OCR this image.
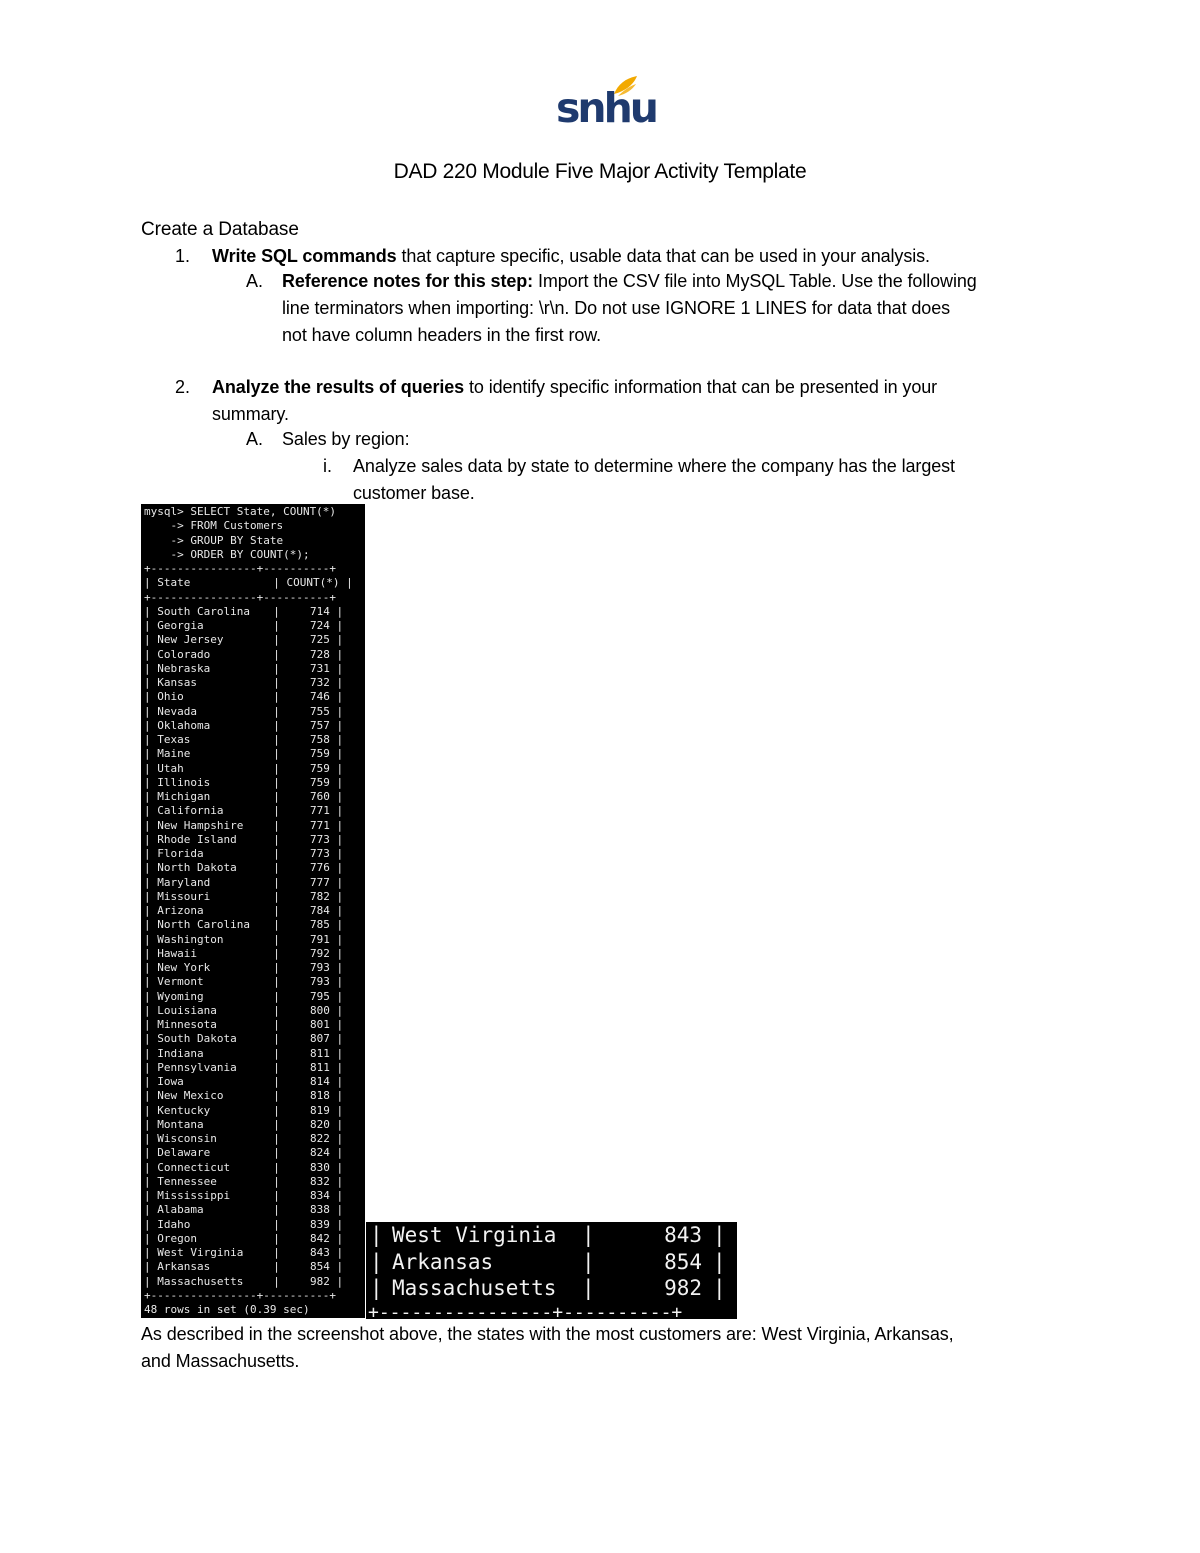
snhu
DAD 220 Module Five Major Activity Template
Create a Database
1. Write SQL commands that capture specific, usable data that can be used in your analysis.
A. Reference notes for this step: Import the CSV file into MySQL Table. Use the following
line terminators when importing: \r\n. Do not use IGNORE 1 LINES for data that does
not have column headers in the first row.
2. Analyze the results of queries to identify specific information that can be presented in your
summary.
A. Sales by region:
i. Analyze sales data by state to determine where the company has the largest
customer base.
mysql> SELECT State, COUNT(*)
-> FROM Customers
-> GROUP BY State
-> ORDER BY COUNT(*);
+----------------+----------+
| State	| COUNT(*) |
+----------------+----------+
| South Carolina |	714 |
| Georgia	|	724 |
| New Jersey	|	725 |
| Colorado	|	728 |
| Nebraska	|	731 |
| Kansas	|	732 |
| Ohio	|	746 |
| Nevada	|	755 |
| Oklahoma	|	757 |
| Texas	|	758 |
| Maine	|	759 |
| Utah	|	759 |
| Illinois	|	759 |
| Michigan	|	760 |
| California	|	771 |
| New Hampshire	|	771 |
| Rhode Island	|	773 |
| Florida	|	773 |
| North Dakota	|	776 |
| Maryland	|	777 |
| Missouri	|	782 |
| Arizona	|	784 |
| North Carolina |	785 |
| Washington	|	791 |
| Hawaii	|	792 |
| New York	|	793 |
| Vermont	|	793 |
| Wyoming	|	795 |
| Louisiana	|	800 |
| Minnesota	|	801 |
| South Dakota	|	807 |
| Indiana	|	811 |
| Pennsylvania	|	811 |
| Iowa	|	814 |
| New Mexico	|	818 |
| Kentucky	|	819 |
| Montana	|	820 |
| Wisconsin	|	822 |
| Delaware	|	824 |
| Connecticut	|	830 |
| Tennessee	|	832 |
| Mississippi	|	834 |
| Alabama	|	838 |
| Idaho	|	839 |
| Oregon	|	842 |
| West Virginia	|	843 |
| Arkansas	|	854 |
| Massachusetts	|	982 |
+----------------+----------+
48 rows in set (0.39 sec)
| West Virginia |	843 |
| Arkansas	|	854 |
| Massachusetts |	982 |
+----------------+----------+
As described in the screenshot above, the states with the most customers are: West Virginia, Arkansas,
and Massachusetts.
